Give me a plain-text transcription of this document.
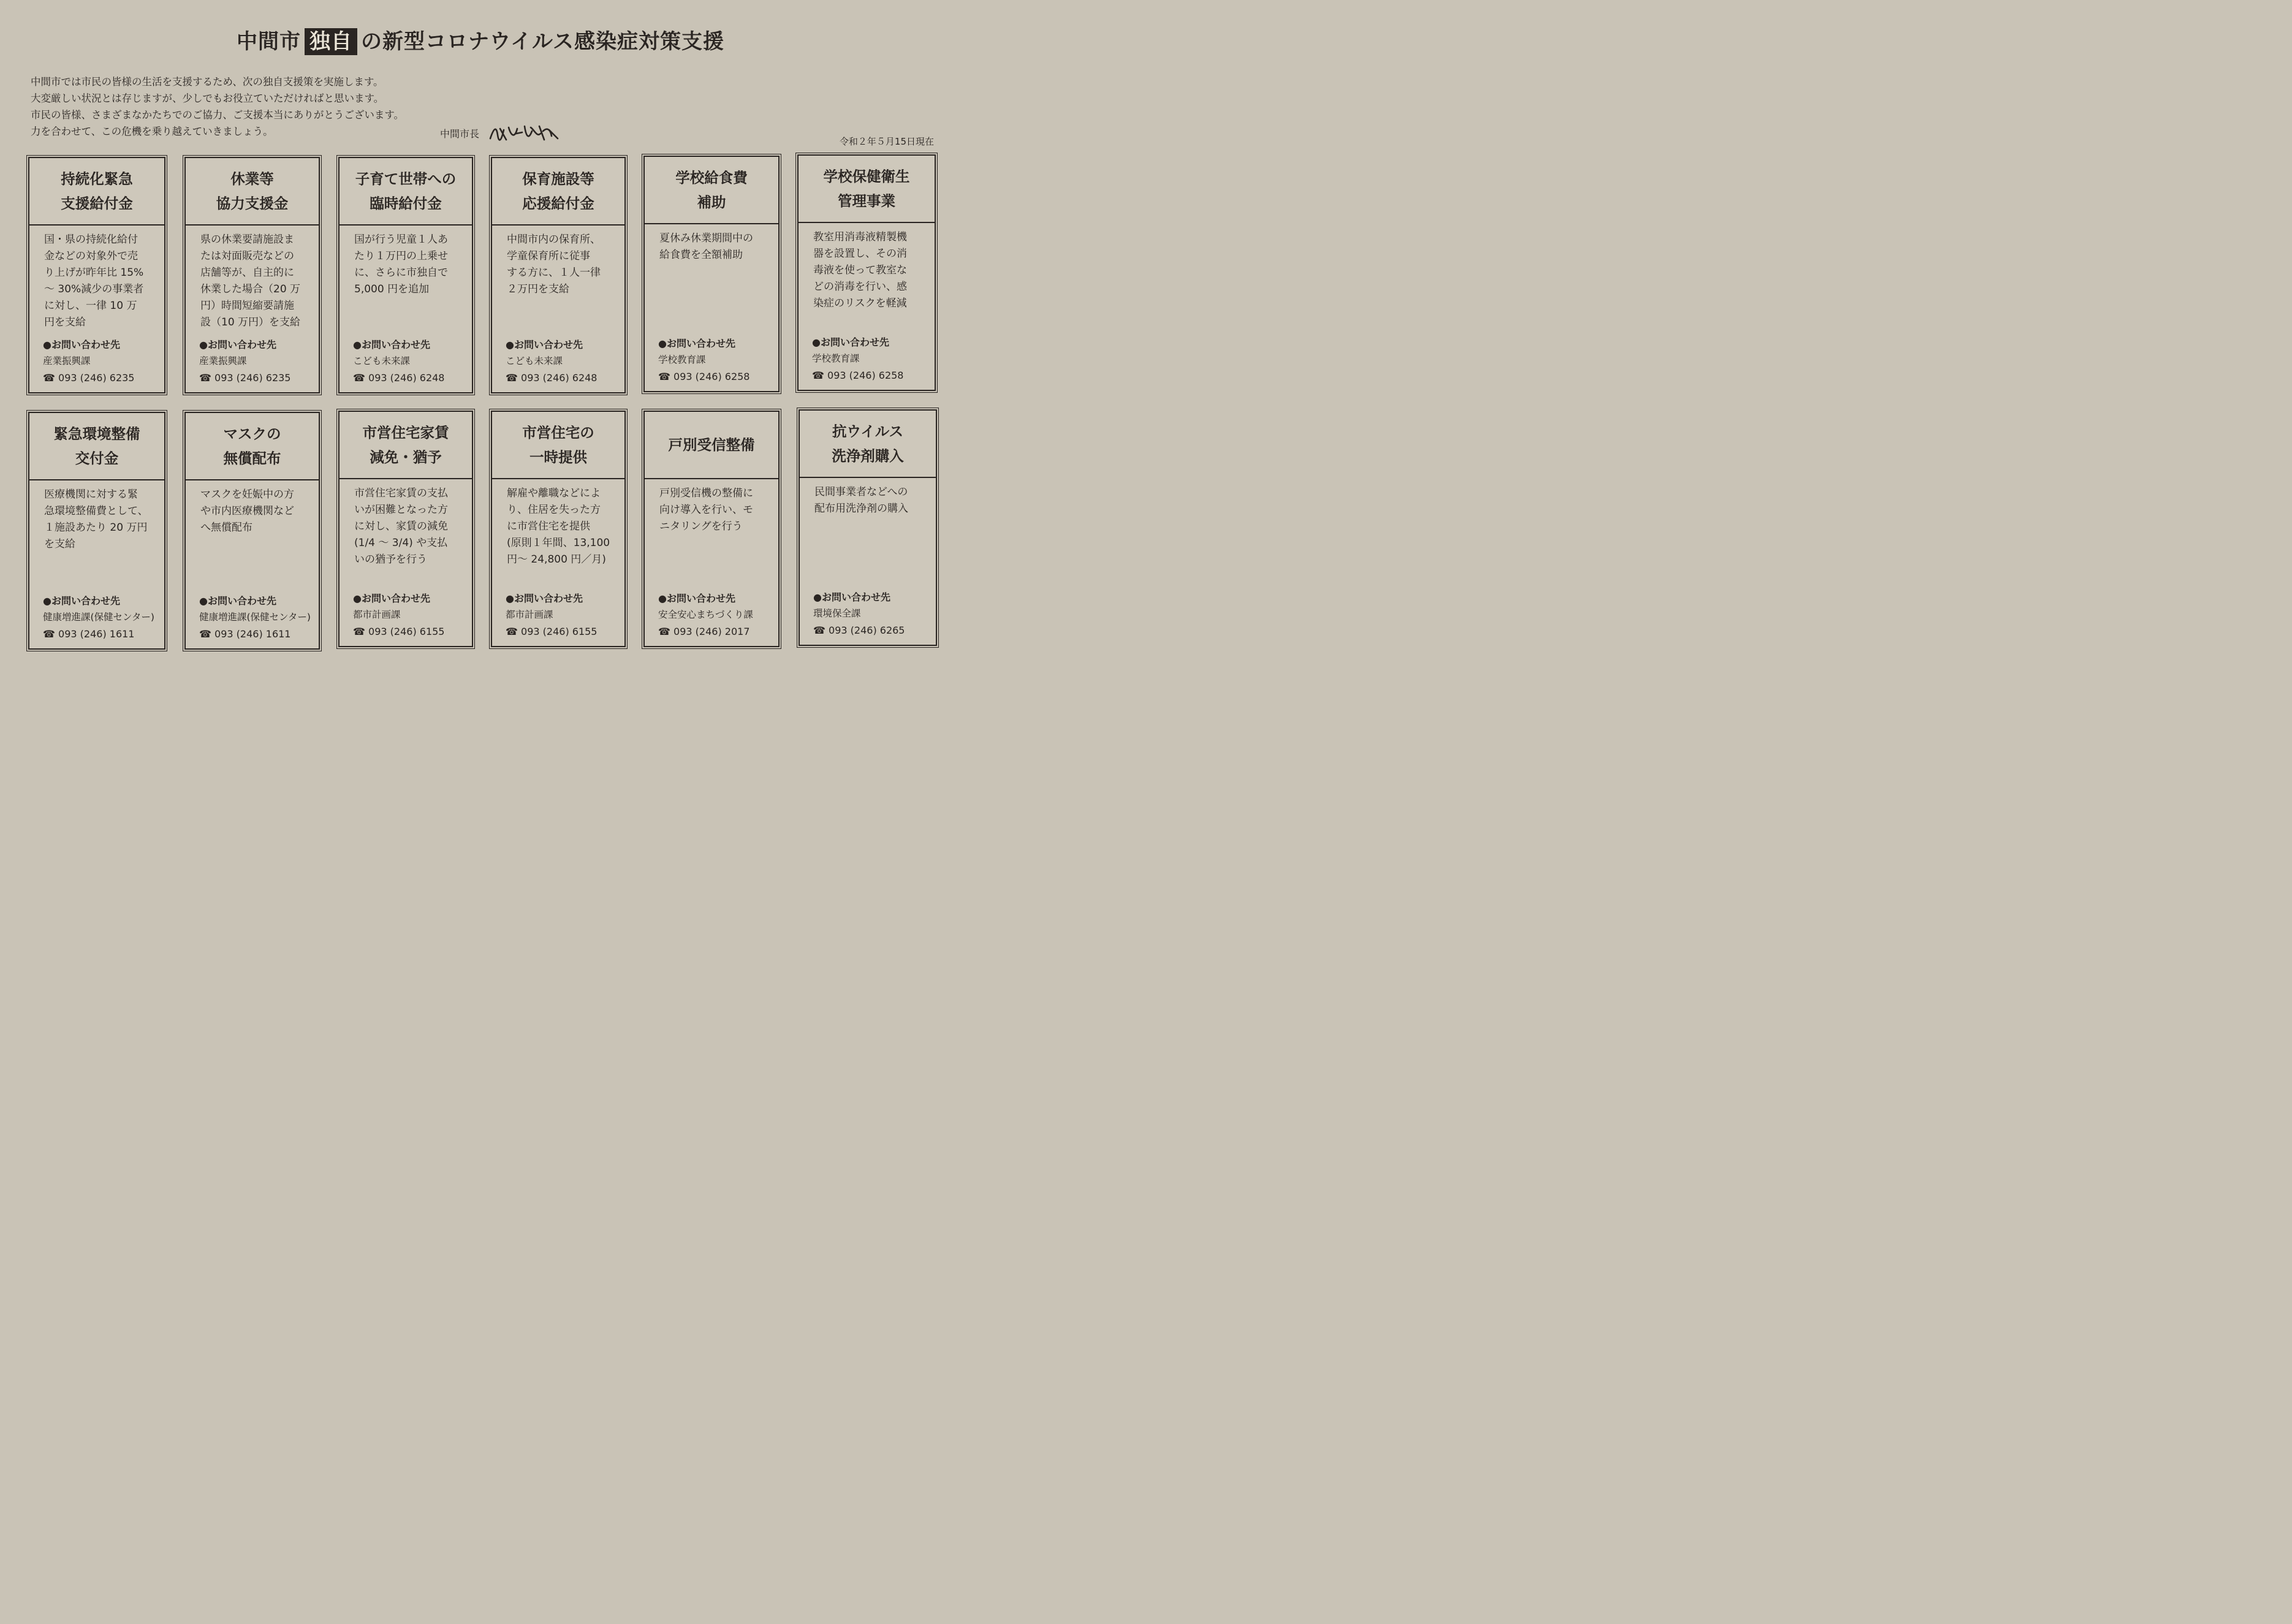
中間市 独自 の新型コロナウイルス感染症対策支援
中間市では市民の皆様の生活を支援するため、次の独自支援策を実施します。
大変厳しい状況とは存じますが、少しでもお役立ていただければと思います。
市民の皆様、さまざまなかたちでのご協力、ご支援本当にありがとうございます。
力を合わせて、この危機を乗り越えていきましょう。	中間市長
令和２年５月15日現在
持続化緊急
支援給付金
国・県の持続化給付
金などの対象外で売
り上げが昨年比 15%
～ 30%減少の事業者
に対し、一律 10 万
円を支給
●お問い合わせ先
産業振興課
☎ 093 (246) 6235
休業等
協力支援金
県の休業要請施設ま
たは対面販売などの
店舗等が、自主的に
休業した場合（20 万
円）時間短縮要請施
設（10 万円）を支給
●お問い合わせ先
産業振興課
☎ 093 (246) 6235
子育て世帯への
臨時給付金
国が行う児童１人あ
たり１万円の上乗せ
に、さらに市独自で
5,000 円を追加
●お問い合わせ先
こども未来課
☎ 093 (246) 6248
保育施設等
応援給付金
中間市内の保育所、
学童保育所に従事
する方に、１人一律
２万円を支給
●お問い合わせ先
こども未来課
☎ 093 (246) 6248
学校給食費
補助
夏休み休業期間中の
給食費を全額補助
●お問い合わせ先
学校教育課
☎ 093 (246) 6258
学校保健衛生
管理事業
教室用消毒液精製機
器を設置し、その消
毒液を使って教室な
どの消毒を行い、感
染症のリスクを軽減
●お問い合わせ先
学校教育課
☎ 093 (246) 6258
緊急環境整備
交付金
医療機関に対する緊
急環境整備費として、
１施設あたり 20 万円
を支給
●お問い合わせ先
健康増進課(保健センター)
☎ 093 (246) 1611
マスクの
無償配布
マスクを妊娠中の方
や市内医療機関など
へ無償配布
●お問い合わせ先
健康増進課(保健センター)
☎ 093 (246) 1611
市営住宅家賃
減免・猶予
市営住宅家賃の支払
いが困難となった方
に対し、家賃の減免
(1/4 ～ 3/4) や支払
いの猶予を行う
●お問い合わせ先
都市計画課
☎ 093 (246) 6155
市営住宅の
一時提供
解雇や離職などによ
り、住居を失った方
に市営住宅を提供
(原則１年間、13,100
円～ 24,800 円／月)
●お問い合わせ先
都市計画課
☎ 093 (246) 6155
戸別受信整備
戸別受信機の整備に
向け導入を行い、モ
ニタリングを行う
●お問い合わせ先
安全安心まちづくり課
☎ 093 (246) 2017
抗ウイルス
洗浄剤購入
民間事業者などへの
配布用洗浄剤の購入
●お問い合わせ先
環境保全課
☎ 093 (246) 6265
